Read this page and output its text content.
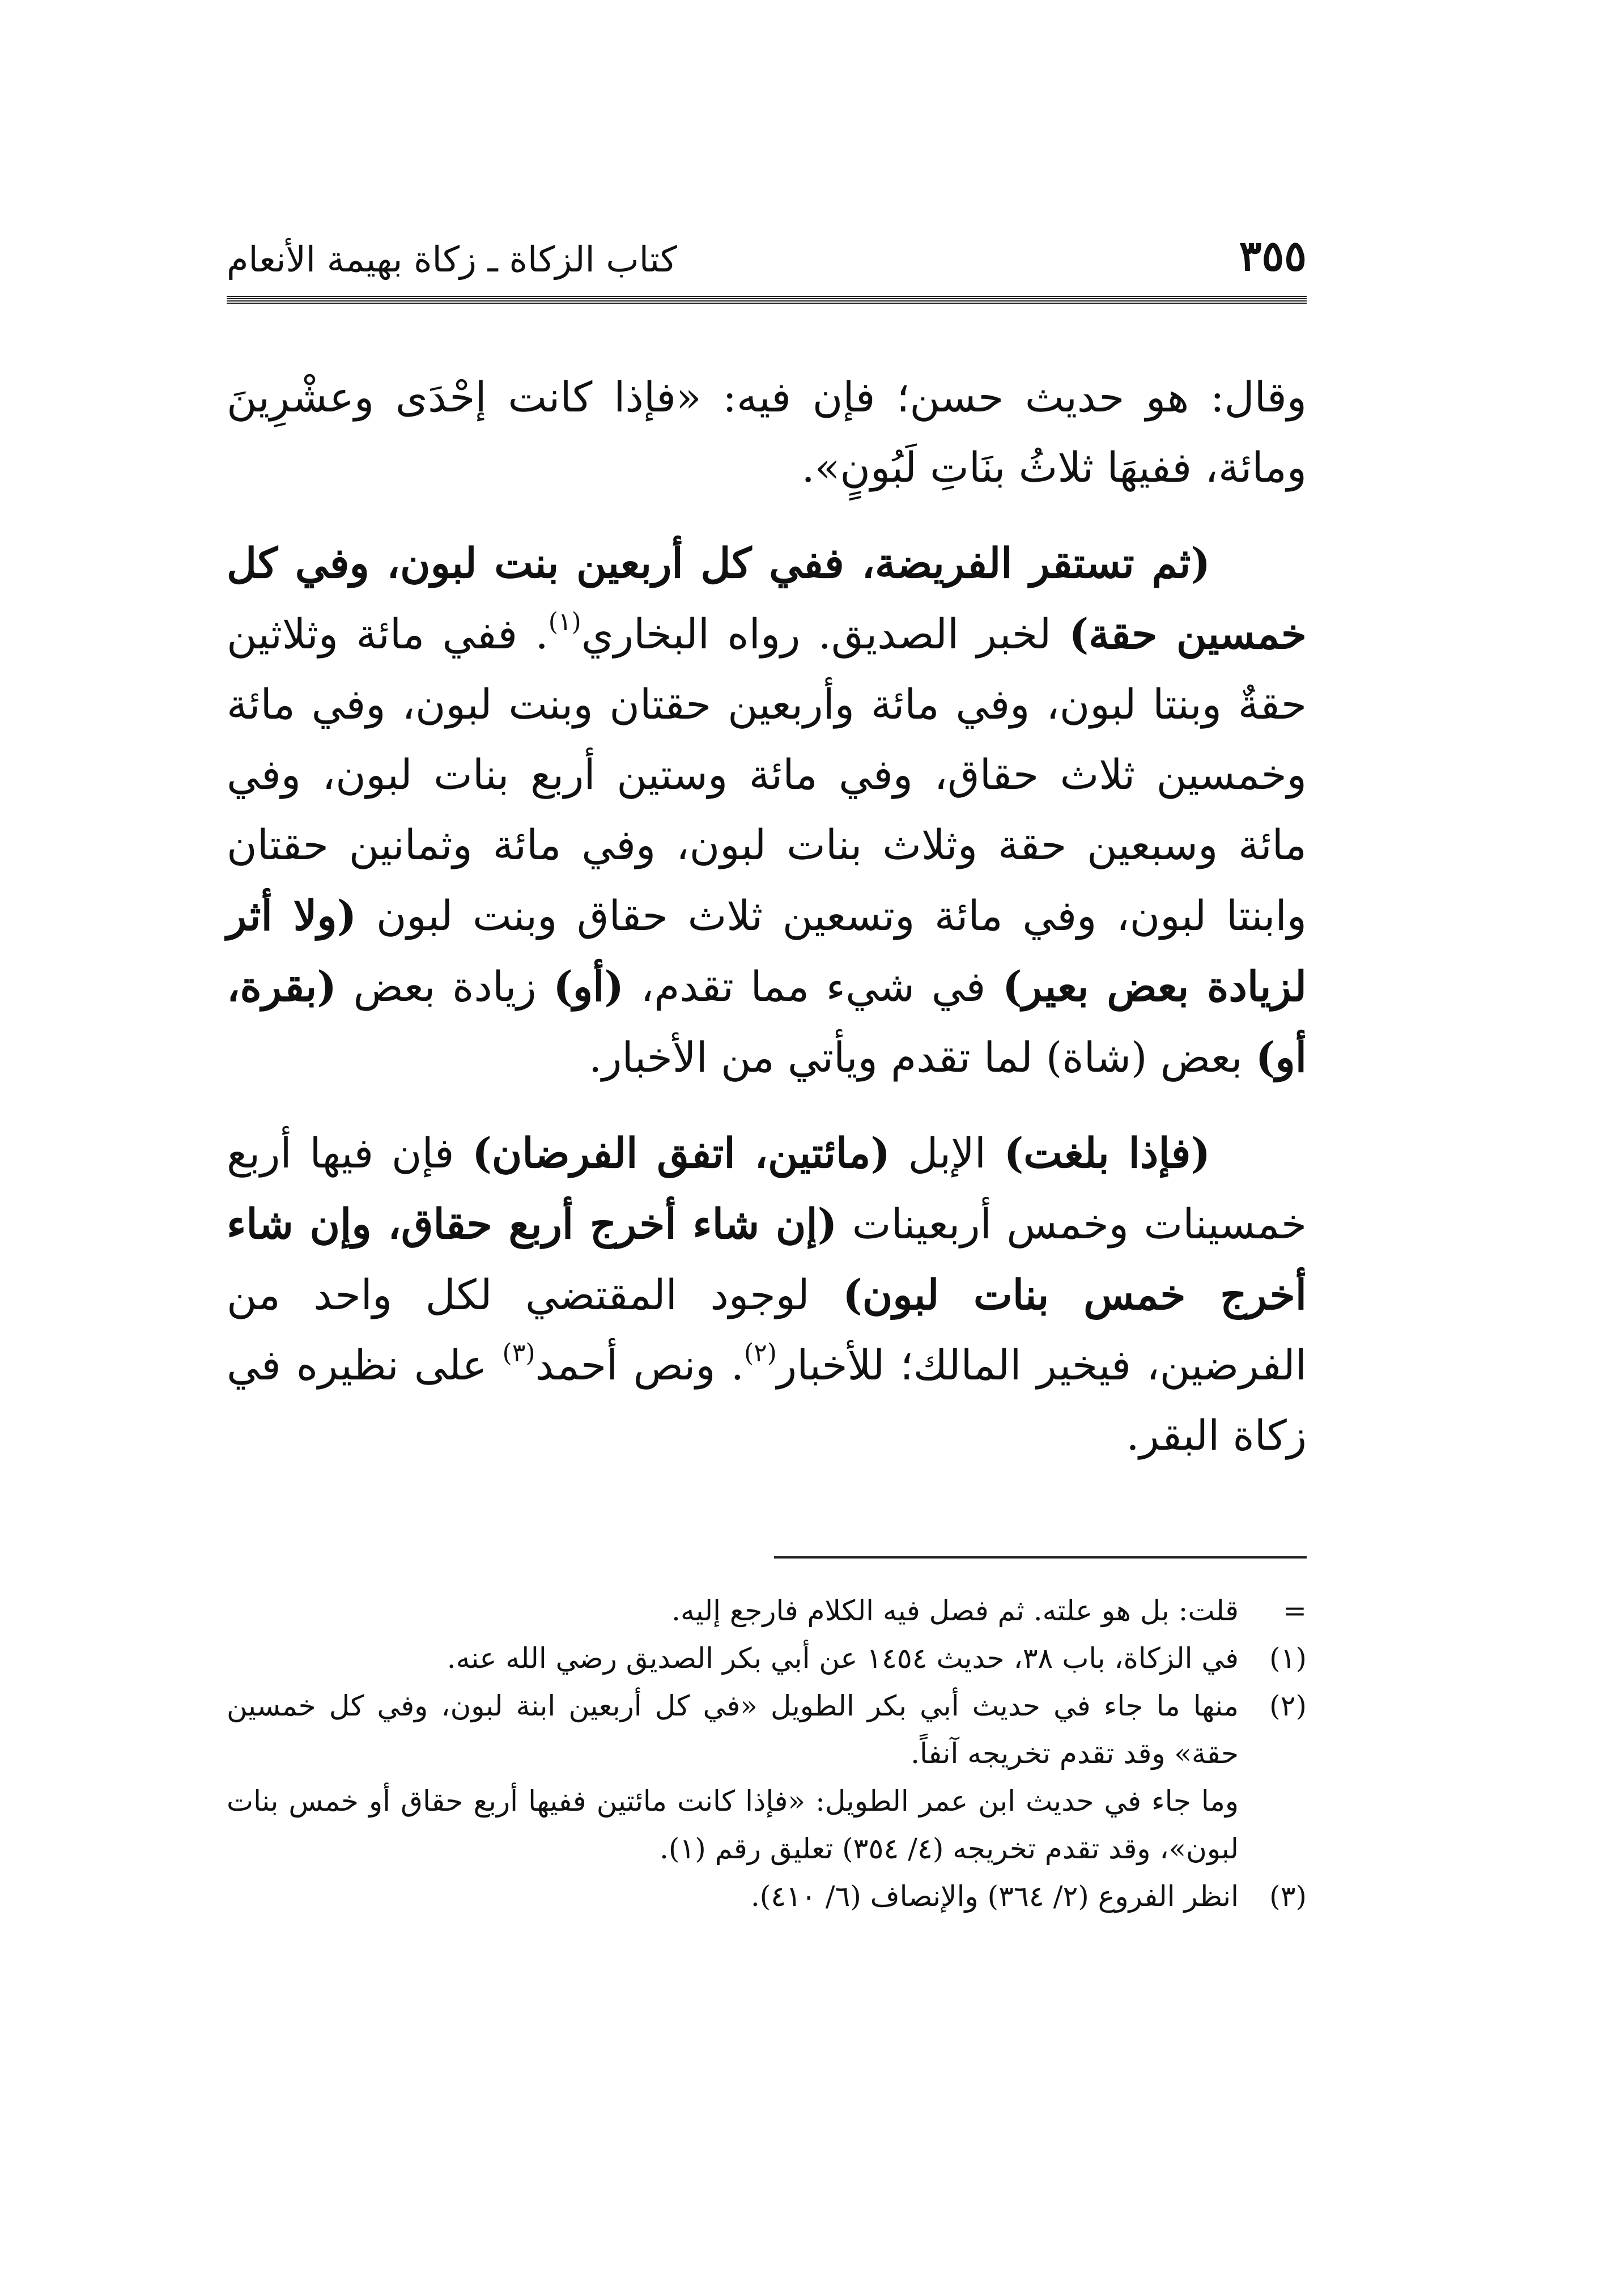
٣٥٥
كتاب الزكاة ـ زكاة بهيمة الأنعام

وقال: هو حديث حسن؛ فإن فيه: «فإذا كانت إحْدَى وعشْرِينَ ومائة، ففيهَا ثلاثُ بنَاتِ لَبُونٍ».

(ثم تستقر الفريضة، ففي كل أربعين بنت لبون، وفي كل خمسين حقة) لخبر الصديق. رواه البخاري$^{(١)}$. ففي مائة وثلاثين حقةٌ وبنتا لبون، وفي مائة وأربعين حقتان وبنت لبون، وفي مائة وخمسين ثلاث حقاق، وفي مائة وستين أربع بنات لبون، وفي مائة وسبعين حقة وثلاث بنات لبون، وفي مائة وثمانين حقتان وابنتا لبون، وفي مائة وتسعين ثلاث حقاق وبنت لبون (ولا أثر لزيادة بعض بعير) في شيء مما تقدم، (أو) زيادة بعض (بقرة، أو) بعض (شاة) لما تقدم ويأتي من الأخبار.

(فإذا بلغت) الإبل (مائتين، اتفق الفرضان) فإن فيها أربع خمسينات وخمس أربعينات (إن شاء أخرج أربع حقاق، وإن شاء أخرج خمس بنات لبون) لوجود المقتضي لكل واحد من الفرضين، فيخير المالك؛ للأخبار$^{(٢)}$. ونص أحمد$^{(٣)}$ على نظيره في زكاة البقر.

=
قلت: بل هو علته. ثم فصل فيه الكلام فارجع إليه.
(١)
في الزكاة، باب ٣٨، حديث ١٤٥٤ عن أبي بكر الصديق رضي الله عنه.
(٢)
منها ما جاء في حديث أبي بكر الطويل «في كل أربعين ابنة لبون، وفي كل خمسين حقة» وقد تقدم تخريجه آنفاً.
وما جاء في حديث ابن عمر الطويل: «فإذا كانت مائتين ففيها أربع حقاق أو خمس بنات لبون»، وقد تقدم تخريجه (٤/ ٣٥٤) تعليق رقم (١).
(٣)
انظر الفروع (٢/ ٣٦٤) والإنصاف (٦/ ٤١٠).
